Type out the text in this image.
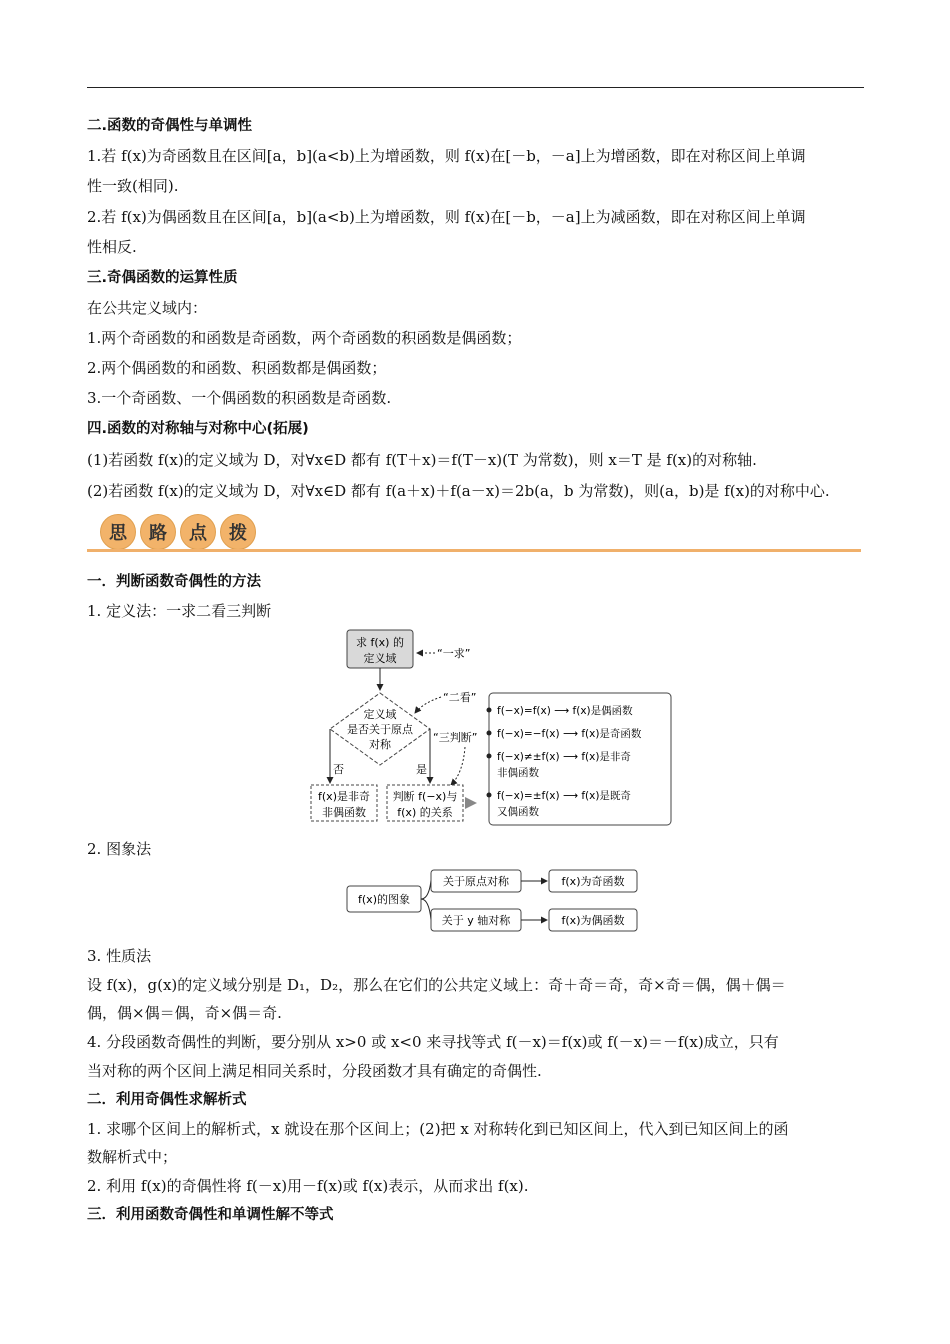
二.函数的奇偶性与单调性
1.若 f(x)为奇函数且在区间[a，b](a<b)上为增函数，则 f(x)在[－b，－a]上为增函数，即在对称区间上单调
性一致(相同).
2.若 f(x)为偶函数且在区间[a，b](a<b)上为增函数，则 f(x)在[－b，－a]上为减函数，即在对称区间上单调
性相反.
三.奇偶函数的运算性质
在公共定义域内：
1.两个奇函数的和函数是奇函数，两个奇函数的积函数是偶函数；
2.两个偶函数的和函数、积函数都是偶函数；
3.一个奇函数、一个偶函数的积函数是奇函数.
四.函数的对称轴与对称中心(拓展)
(1)若函数 f(x)的定义域为 D，对∀x∈D 都有 f(T＋x)＝f(T－x)(T 为常数)，则 x＝T 是 f(x)的对称轴.
(2)若函数 f(x)的定义域为 D，对∀x∈D 都有 f(a＋x)＋f(a－x)＝2b(a，b 为常数)，则(a，b)是 f(x)的对称中心.
思	路	点	拨
一．判断函数奇偶性的方法
1. 定义法：一求二看三判断
求 f(x) 的
定义域	“一求”
定义域
是否关于原点
对称
“二看”
否	是
“三判断”
f(x)是非奇
非偶函数
判断 f(−x)与
f(x) 的关系
f(−x)=f(x) ⟶ f(x)是偶函数
f(−x)=−f(x) ⟶ f(x)是奇函数
f(−x)≠±f(x) ⟶ f(x)是非奇
非偶函数
f(−x)=±f(x) ⟶ f(x)是既奇
又偶函数
2. 图象法
f(x)的图象
关于原点对称
关于 y 轴对称
f(x)为奇函数
f(x)为偶函数
3. 性质法
设 f(x)，g(x)的定义域分别是 D₁，D₂，那么在它们的公共定义域上：奇＋奇＝奇，奇×奇＝偶，偶＋偶＝
偶，偶×偶＝偶，奇×偶＝奇.
4. 分段函数奇偶性的判断，要分别从 x>0 或 x<0 来寻找等式 f(－x)＝f(x)或 f(－x)＝－f(x)成立，只有
当对称的两个区间上满足相同关系时，分段函数才具有确定的奇偶性.
二．利用奇偶性求解析式
1. 求哪个区间上的解析式，x 就设在那个区间上；(2)把 x 对称转化到已知区间上，代入到已知区间上的函
数解析式中；
2. 利用 f(x)的奇偶性将 f(－x)用－f(x)或 f(x)表示，从而求出 f(x).
三．利用函数奇偶性和单调性解不等式
